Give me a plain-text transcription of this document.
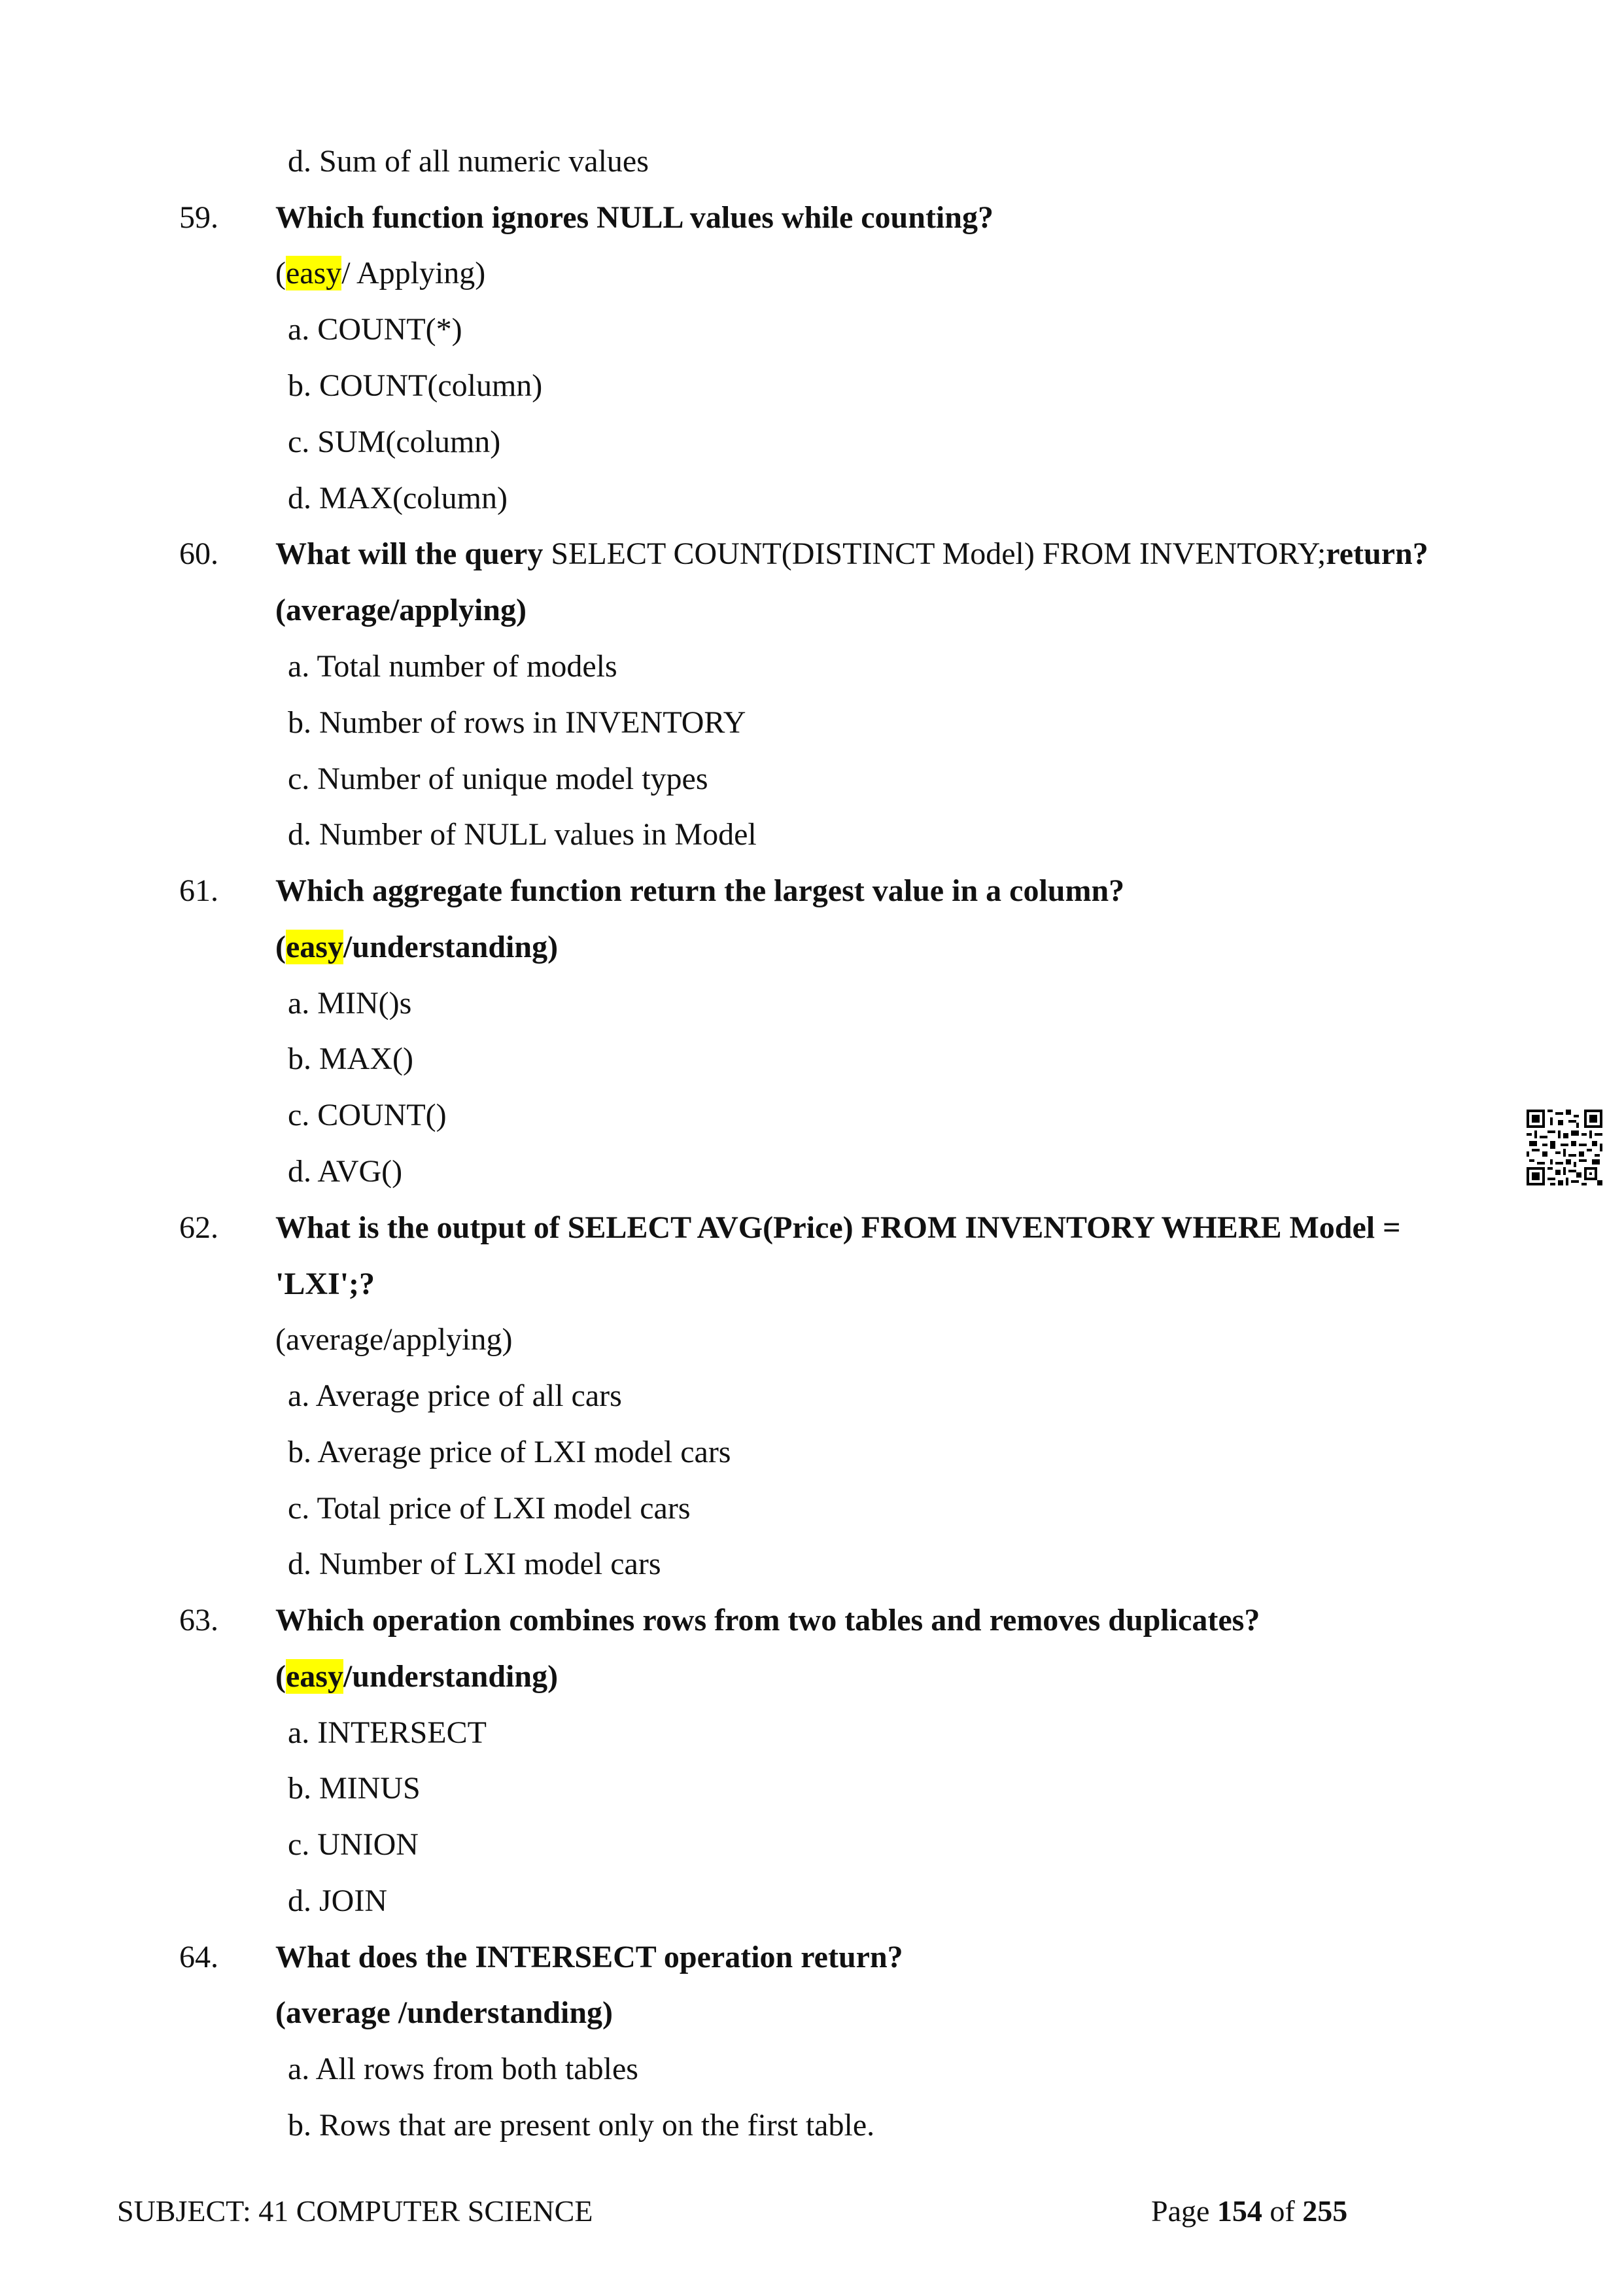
d. Sum of all numeric values
59. Which function ignores NULL values while counting?
(easy/ Applying)
a. COUNT(*)
b. COUNT(column)
c. SUM(column)
d. MAX(column)
60. What will the query SELECT COUNT(DISTINCT Model) FROM INVENTORY;return?
(average/applying)
a. Total number of models
b. Number of rows in INVENTORY
c. Number of unique model types
d. Number of NULL values in Model
61. Which aggregate function return the largest value in a column?
(easy/understanding)
a. MIN()s
b. MAX()
c. COUNT()
d. AVG()
62. What is the output of SELECT AVG(Price) FROM INVENTORY WHERE Model =
'LXI';?
(average/applying)
a. Average price of all cars
b. Average price of LXI model cars
c. Total price of LXI model cars
d. Number of LXI model cars
63. Which operation combines rows from two tables and removes duplicates?
(easy/understanding)
a. INTERSECT
b. MINUS
c. UNION
d. JOIN
64. What does the INTERSECT operation return?
(average /understanding)
a. All rows from both tables
b. Rows that are present only on the first table.
SUBJECT: 41 COMPUTER SCIENCE	Page 154 of 255
